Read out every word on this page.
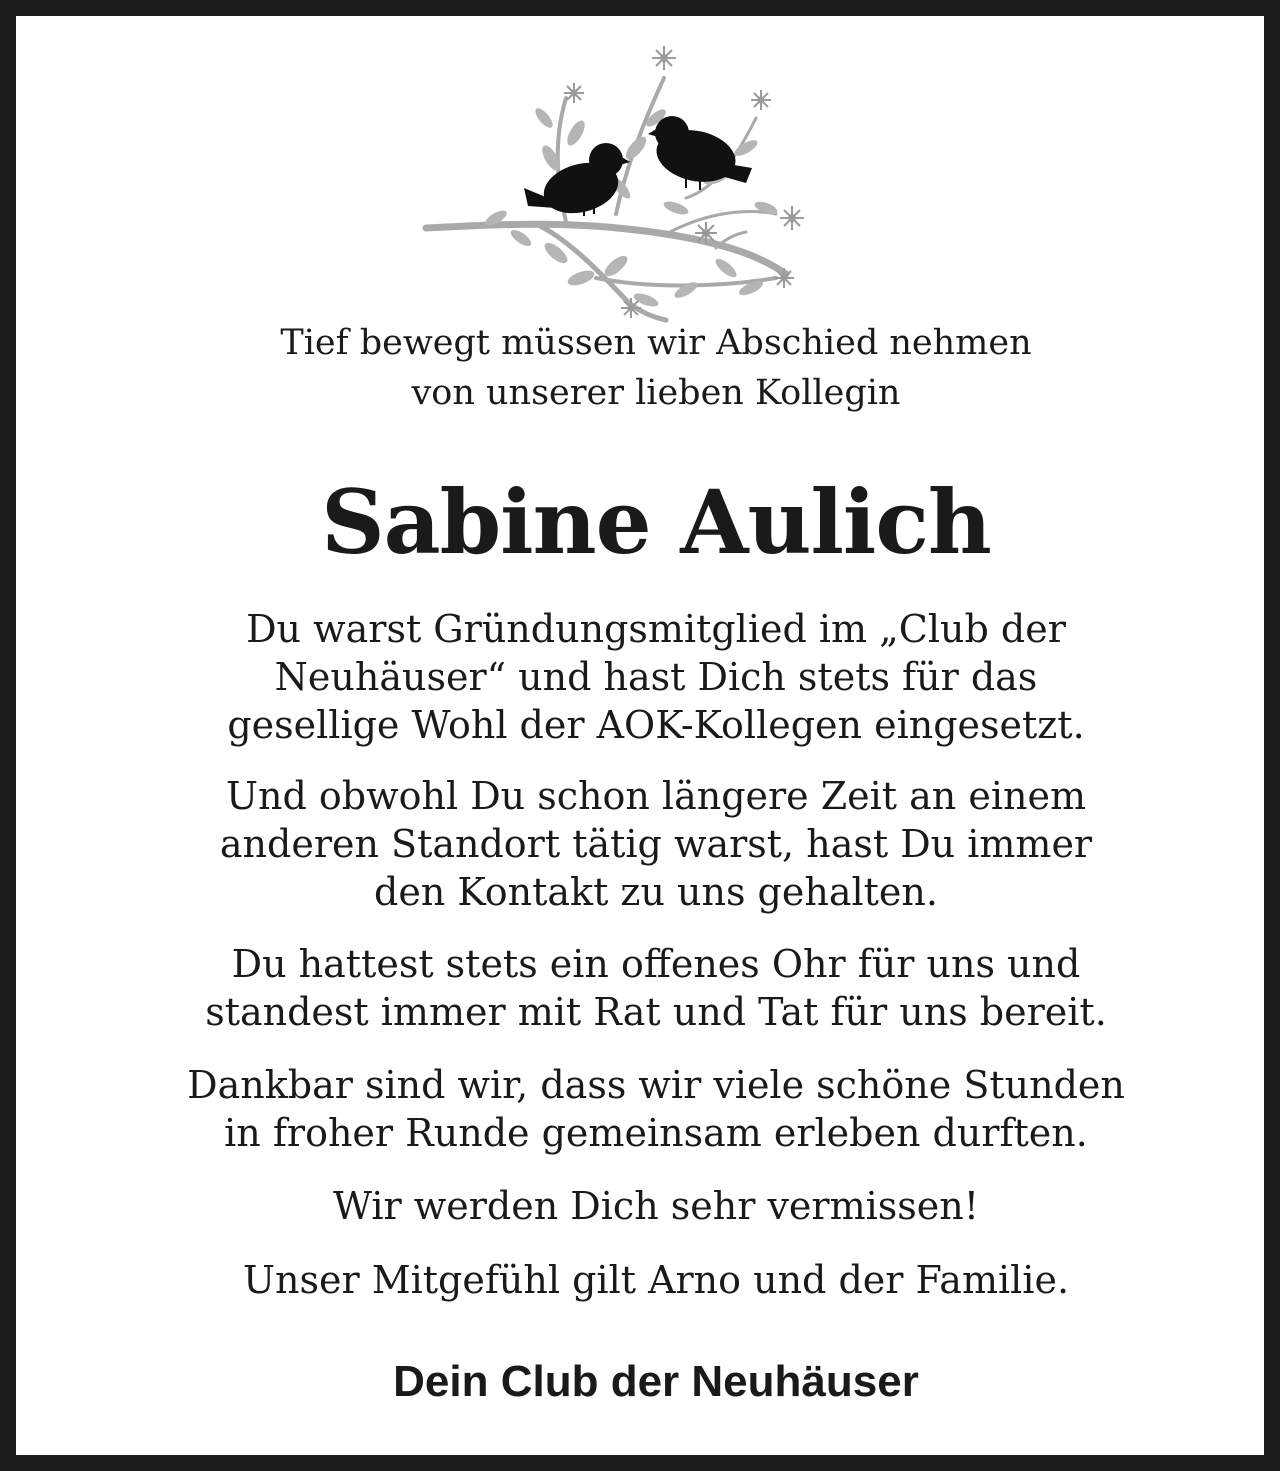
Tief bewegt müssen wir Abschied nehmen
von unserer lieben Kollegin
Sabine Aulich
Du warst Gründungsmitglied im „Club der
Neuhäuser“ und hast Dich stets für das
gesellige Wohl der AOK-Kollegen eingesetzt.
Und obwohl Du schon längere Zeit an einem
anderen Standort tätig warst, hast Du immer
den Kontakt zu uns gehalten.
Du hattest stets ein offenes Ohr für uns und
standest immer mit Rat und Tat für uns bereit.
Dankbar sind wir, dass wir viele schöne Stunden
in froher Runde gemeinsam erleben durften.
Wir werden Dich sehr vermissen!
Unser Mitgefühl gilt Arno und der Familie.
Dein Club der Neuhäuser
